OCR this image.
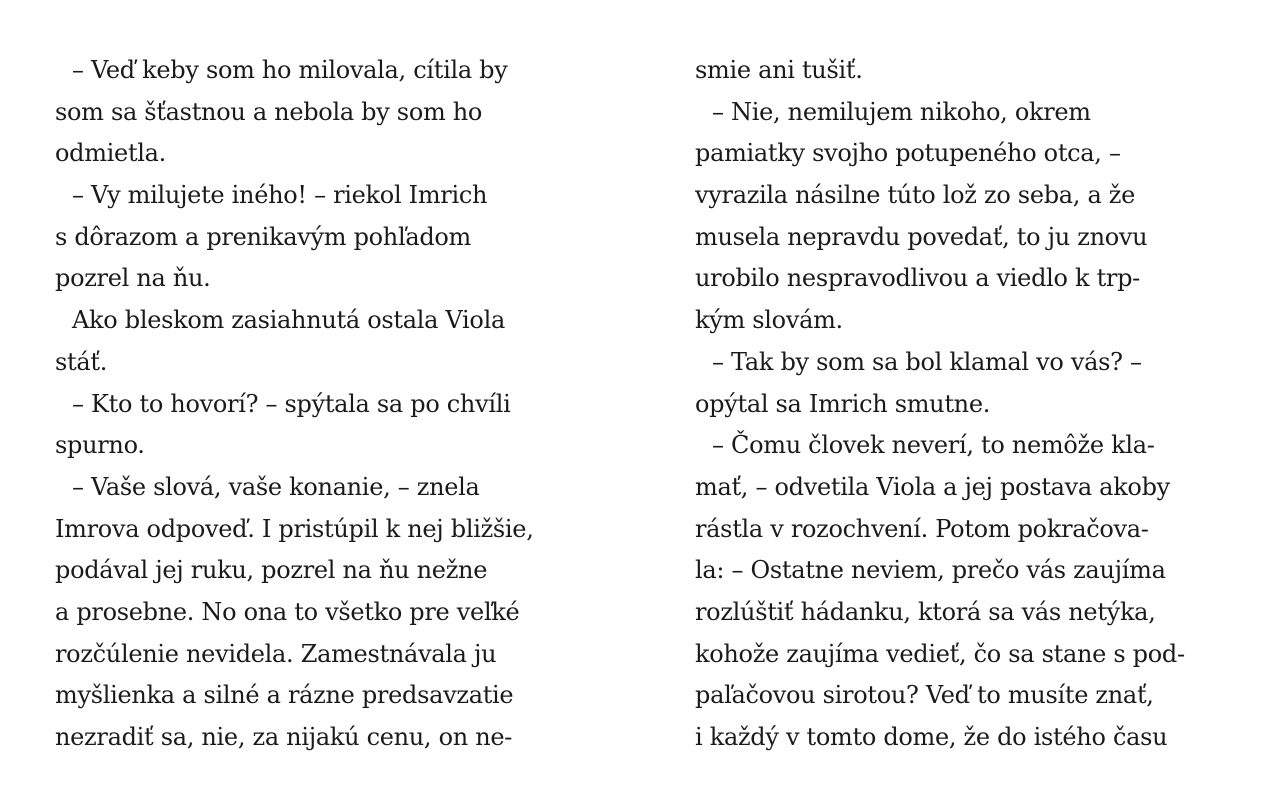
– Veď keby som ho milovala, cítila by
som sa šťastnou a nebola by som ho
odmietla.
– Vy milujete iného! – riekol Imrich
s dôrazom a prenikavým pohľadom
pozrel na ňu.
Ako bleskom zasiahnutá ostala Viola
stáť.
– Kto to hovorí? – spýtala sa po chvíli
spurno.
– Vaše slová, vaše konanie, – znela
Imrova odpoveď. I pristúpil k nej bližšie,
podával jej ruku, pozrel na ňu nežne
a prosebne. No ona to všetko pre veľké
rozčúlenie nevidela. Zamestnávala ju
myšlienka a silné a rázne predsavzatie
nezradiť sa, nie, za nijakú cenu, on ne-
smie ani tušiť.
– Nie, nemilujem nikoho, okrem
pamiatky svojho potupeného otca, –
vyrazila násilne túto lož zo seba, a že
musela nepravdu povedať, to ju znovu
urobilo nespravodlivou a viedlo k trp-
kým slovám.
– Tak by som sa bol klamal vo vás? –
opýtal sa Imrich smutne.
– Čomu človek neverí, to nemôže kla-
mať, – odvetila Viola a jej postava akoby
rástla v rozochvení. Potom pokračova-
la: – Ostatne neviem, prečo vás zaujíma
rozlúštiť hádanku, ktorá sa vás netýka,
kohože zaujíma vedieť, čo sa stane s pod-
paľačovou sirotou? Veď to musíte znať,
i každý v tomto dome, že do istého času
